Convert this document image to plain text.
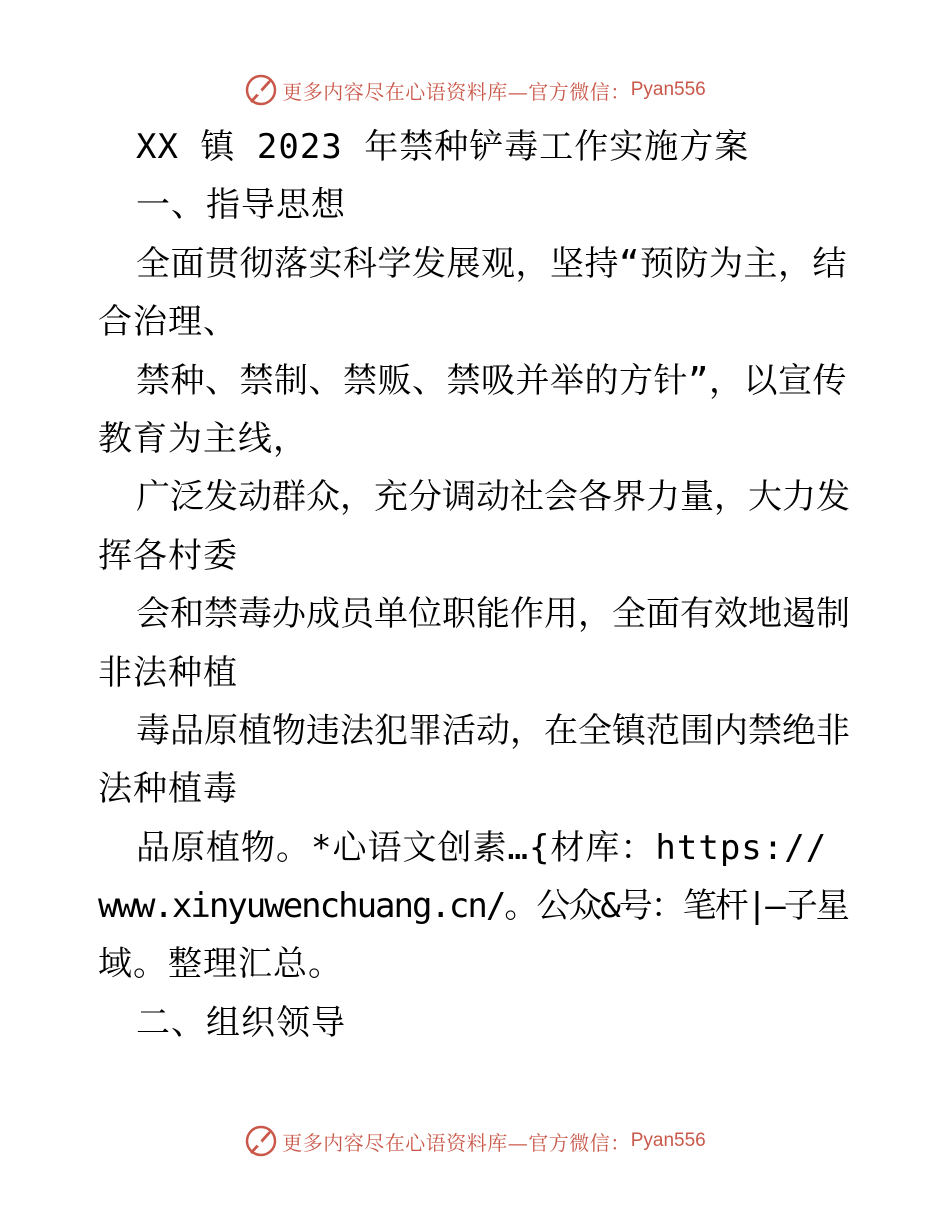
更多内容尽在心语资料库—官方微信： Pyan556
XX 镇 2023 年禁种铲毒工作实施方案
一、指导思想
全面贯彻落实科学发展观，坚持“预防为主，结
合治理、
禁种、禁制、禁贩、禁吸并举的方针”，以宣传
教育为主线，
广泛发动群众，充分调动社会各界力量，大力发
挥各村委
会和禁毒办成员单位职能作用，全面有效地遏制
非法种植
毒品原植物违法犯罪活动，在全镇范围内禁绝非
法种植毒
品原植物。*心语文创素…{材库：https://
www.xinyuwenchuang.cn/。公众&号：笔杆|—子星
域。整理汇总。
二、组织领导
更多内容尽在心语资料库—官方微信： Pyan556
